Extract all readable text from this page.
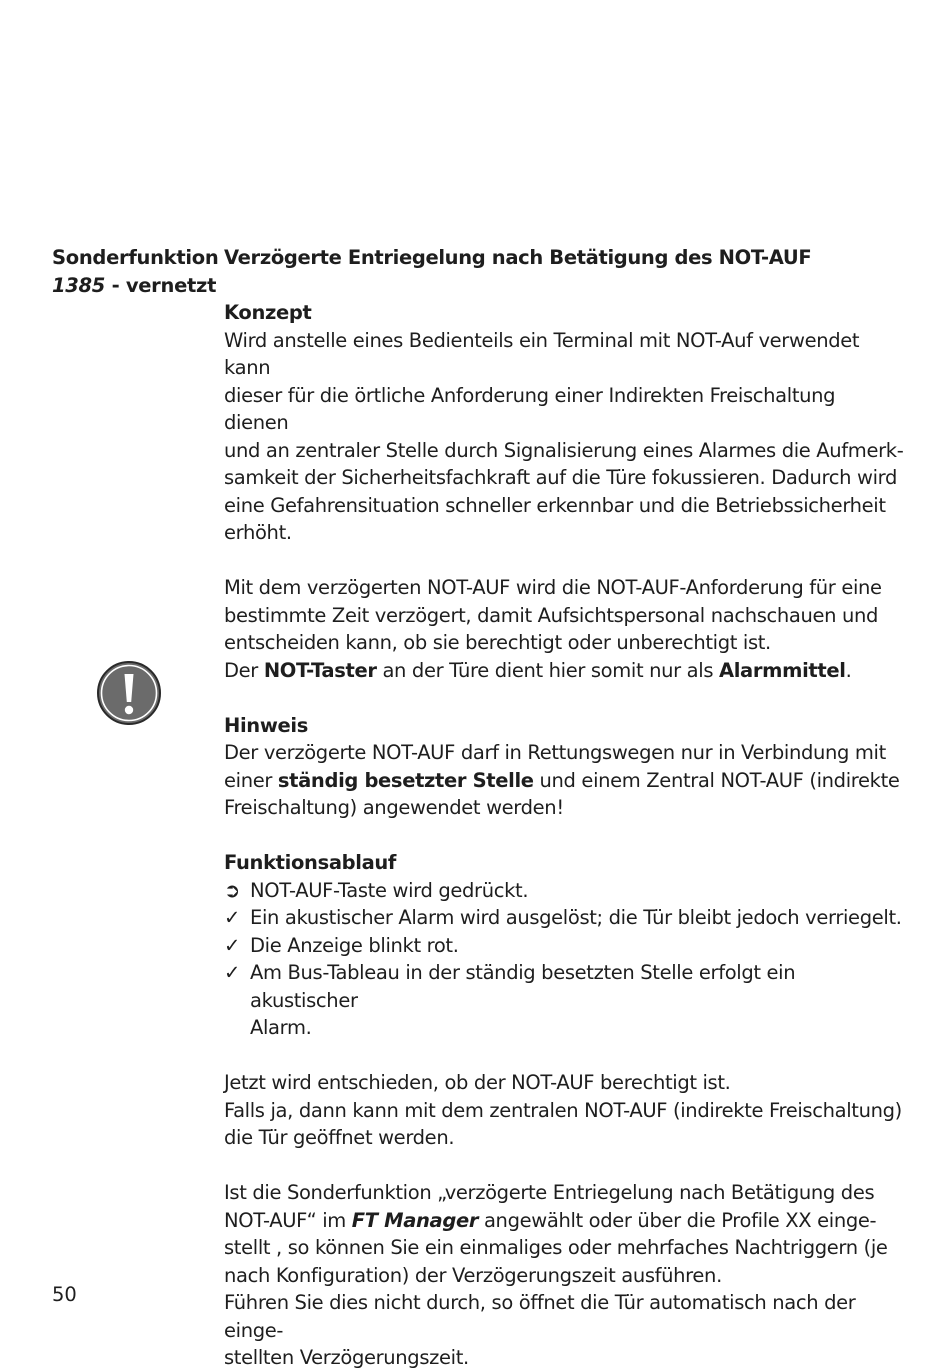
Sonderfunktion
1385 - vernetzt

Verzögerte Entriegelung nach Betätigung des NOT-AUF

Konzept

Wird anstelle eines Bedienteils ein Terminal mit NOT-Auf verwendet kann

dieser für die örtliche Anforderung einer Indirekten Freischaltung dienen

und an zentraler Stelle durch Signalisierung eines Alarmes die Aufmerk-

samkeit der Sicherheitsfachkraft auf die Türe fokussieren. Dadurch wird

eine Gefahrensituation schneller erkennbar und die Betriebssicherheit

erhöht.

Mit dem verzögerten NOT-AUF wird die NOT-AUF-Anforderung für eine

bestimmte Zeit verzögert, damit Aufsichtspersonal nachschauen und

entscheiden kann, ob sie berechtigt oder unberechtigt ist.

Der NOT-Taster an der Türe dient hier somit nur als Alarmmittel.

Hinweis

Der verzögerte NOT-AUF darf in Rettungswegen nur in Verbindung mit

einer ständig besetzter Stelle und einem Zentral NOT-AUF (indirekte

Freischaltung) angewendet werden!

Funktionsablauf

➲ NOT-AUF-Taste wird gedrückt.
✓ Ein akustischer Alarm wird ausgelöst; die Tür bleibt jedoch verriegelt.
✓ Die Anzeige blinkt rot.
✓ Am Bus-Tableau in der ständig besetzten Stelle erfolgt ein akustischer
Alarm.

Jetzt wird entschieden, ob der NOT-AUF berechtigt ist.

Falls ja, dann kann mit dem zentralen NOT-AUF (indirekte Freischaltung)

die Tür geöffnet werden.

Ist die Sonderfunktion „verzögerte Entriegelung nach Betätigung des

NOT-AUF“ im FT Manager angewählt oder über die Profile XX einge-

stellt , so können Sie ein einmaliges oder mehrfaches Nachtriggern (je

nach Konfiguration) der Verzögerungszeit ausführen.

Führen Sie dies nicht durch, so öffnet die Tür automatisch nach der einge-

stellten Verzögerungszeit.

50
